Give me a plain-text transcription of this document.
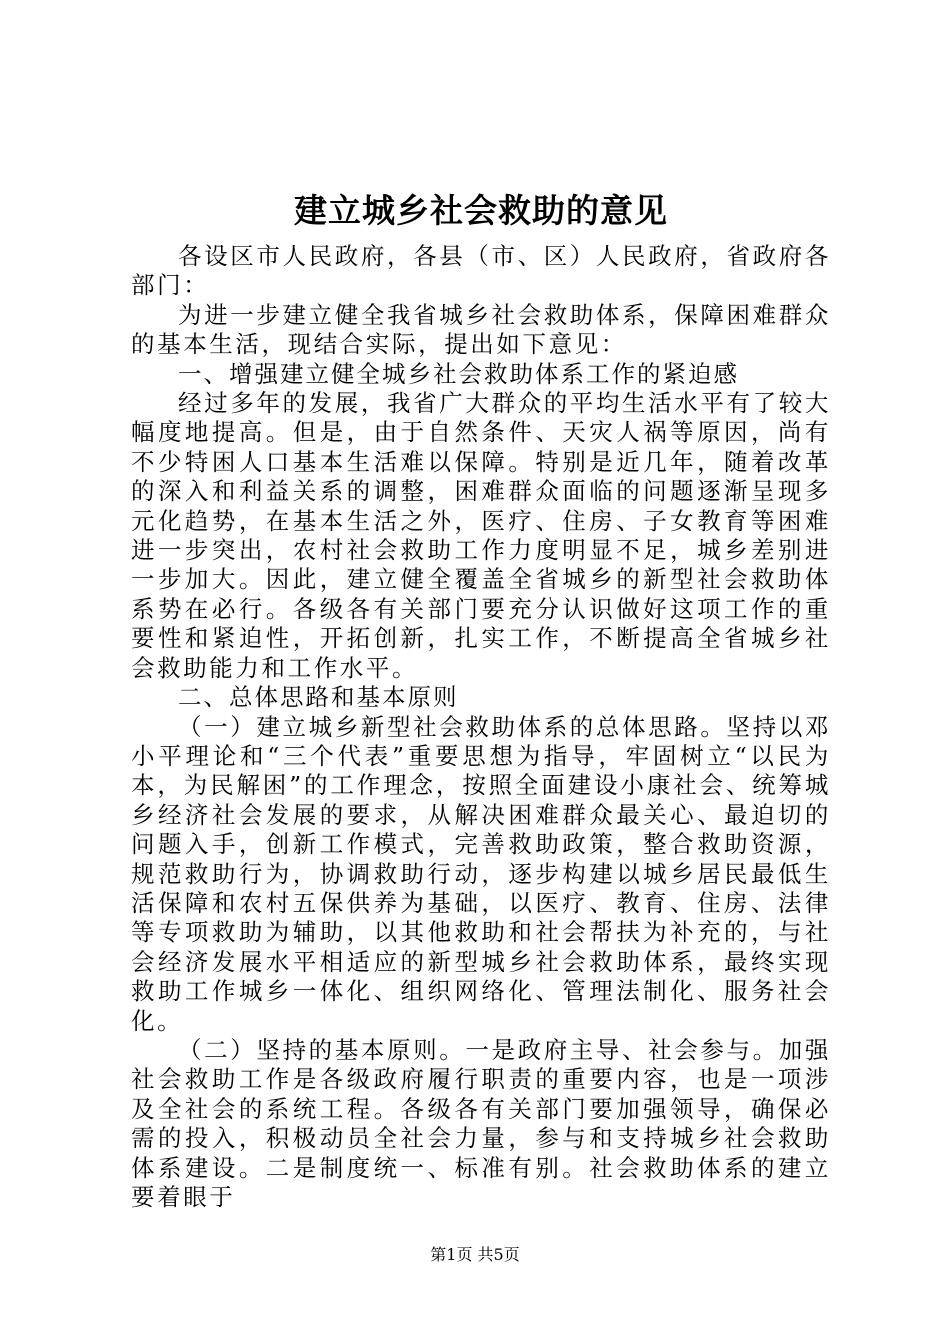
建立城乡社会救助的意见

各设区市人民政府，各县（市、区）人民政府，省政府各部门：

为进一步建立健全我省城乡社会救助体系，保障困难群众的基本生活，现结合实际，提出如下意见：

一、增强建立健全城乡社会救助体系工作的紧迫感

经过多年的发展，我省广大群众的平均生活水平有了较大幅度地提高。但是，由于自然条件、天灾人祸等原因，尚有不少特困人口基本生活难以保障。特别是近几年，随着改革的深入和利益关系的调整，困难群众面临的问题逐渐呈现多元化趋势，在基本生活之外，医疗、住房、子女教育等困难进一步突出，农村社会救助工作力度明显不足，城乡差别进一步加大。因此，建立健全覆盖全省城乡的新型社会救助体系势在必行。各级各有关部门要充分认识做好这项工作的重要性和紧迫性，开拓创新，扎实工作，不断提高全省城乡社会救助能力和工作水平。

二、总体思路和基本原则

（一）建立城乡新型社会救助体系的总体思路。坚持以邓小平理论和“三个代表”重要思想为指导，牢固树立“以民为本，为民解困”的工作理念，按照全面建设小康社会、统筹城乡经济社会发展的要求，从解决困难群众最关心、最迫切的问题入手，创新工作模式，完善救助政策，整合救助资源，规范救助行为，协调救助行动，逐步构建以城乡居民最低生活保障和农村五保供养为基础，以医疗、教育、住房、法律等专项救助为辅助，以其他救助和社会帮扶为补充的，与社会经济发展水平相适应的新型城乡社会救助体系，最终实现救助工作城乡一体化、组织网络化、管理法制化、服务社会化。

（二）坚持的基本原则。一是政府主导、社会参与。加强社会救助工作是各级政府履行职责的重要内容，也是一项涉及全社会的系统工程。各级各有关部门要加强领导，确保必需的投入，积极动员全社会力量，参与和支持城乡社会救助体系建设。二是制度统一、标准有别。社会救助体系的建立要着眼于

第1页 共5页
